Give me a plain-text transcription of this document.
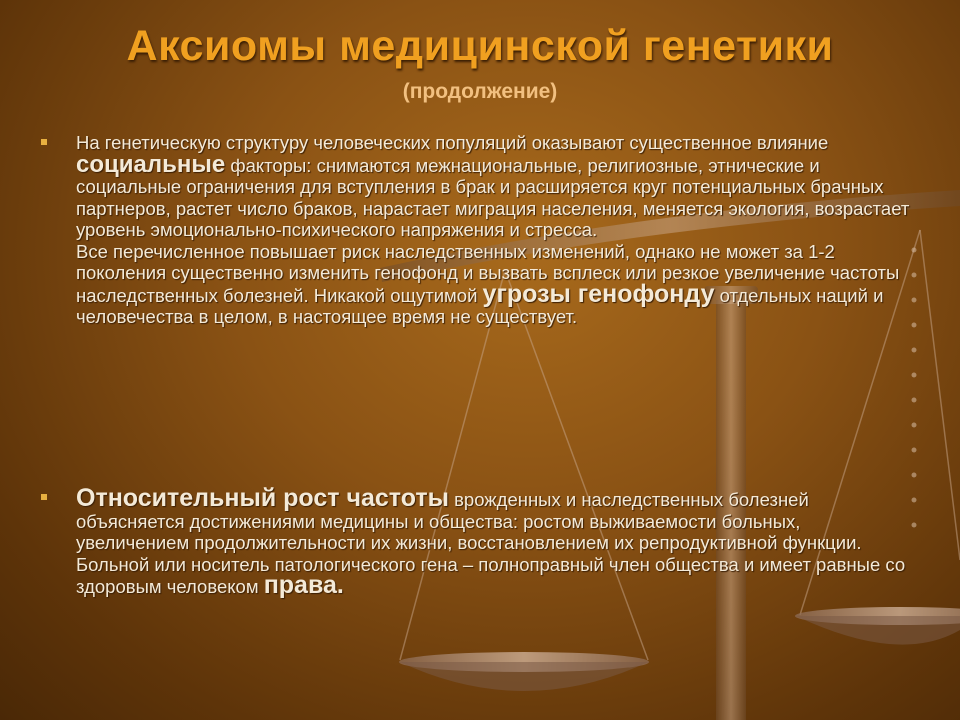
Аксиомы медицинской генетики
(продолжение)

На генетическую структуру человеческих популяций оказывают существенное влияние социальные факторы: снимаются межнациональные, религиозные, этнические и социальные ограничения для вступления в брак и расширяется круг потенциальных брачных партнеров, растет число браков, нарастает миграция населения, меняется экология, возрастает уровень эмоционально-психического напряжения и стресса.

Все перечисленное повышает риск наследственных изменений, однако не может за 1-2 поколения существенно изменить генофонд и вызвать всплеск или резкое увеличение частоты наследственных болезней. Никакой ощутимой угрозы генофонду отдельных наций и человечества в целом, в настоящее время не существует.

Относительный рост частоты врожденных и наследственных болезней объясняется достижениями медицины и общества: ростом выживаемости больных, увеличением продолжительности их жизни, восстановлением их репродуктивной функции.

Больной или носитель патологического гена – полноправный член общества и имеет равные со здоровым человеком права.
